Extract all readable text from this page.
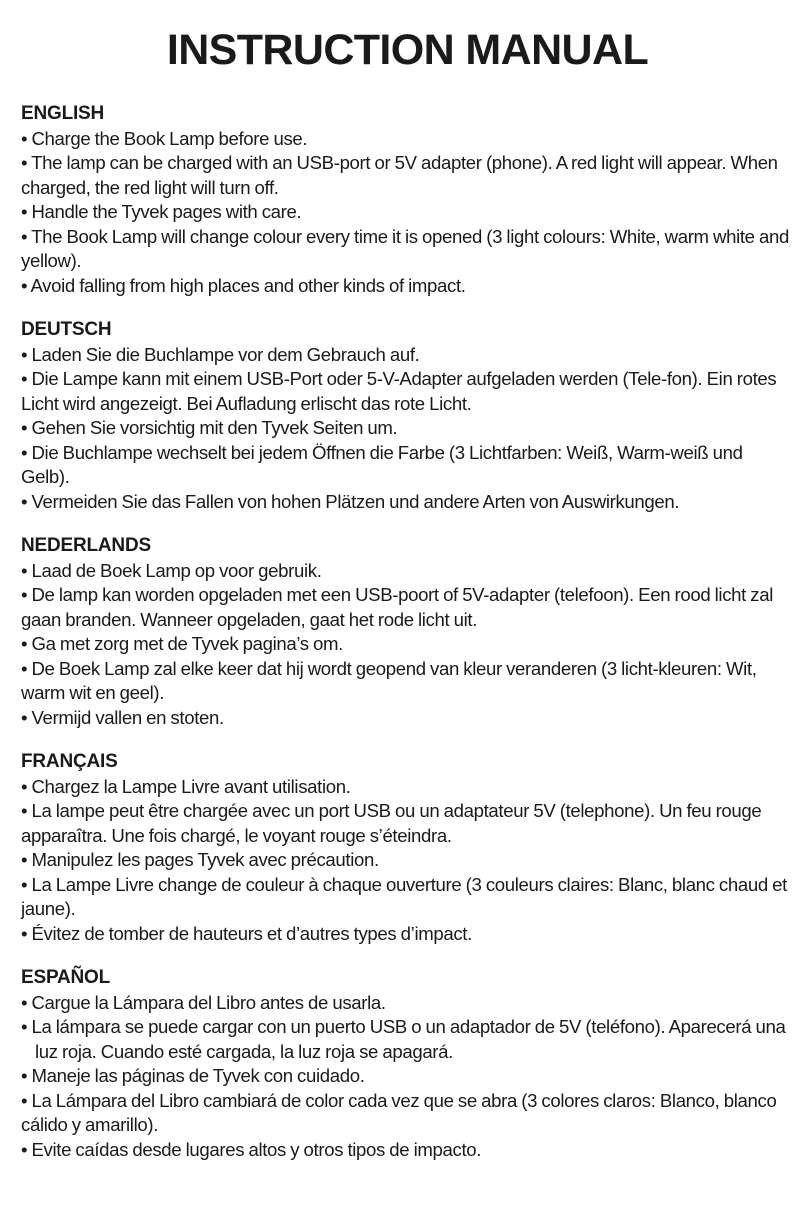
INSTRUCTION MANUAL

ENGLISH

• Charge the Book Lamp before use.

• The lamp can be charged with an USB-port or 5V adapter (phone). A red light will appear. When charged, the red light will turn off.

• Handle the Tyvek pages with care.

• The Book Lamp will change colour every time it is opened (3 light colours: White, warm white and yellow).

• Avoid falling from high places and other kinds of impact.

DEUTSCH

• Laden Sie die Buchlampe vor dem Gebrauch auf.

• Die Lampe kann mit einem USB-Port oder 5-V-Adapter aufgeladen werden (Tele-fon). Ein rotes Licht wird angezeigt. Bei Aufladung erlischt das rote Licht.

• Gehen Sie vorsichtig mit den Tyvek Seiten um.

• Die Buchlampe wechselt bei jedem Öffnen die Farbe (3 Lichtfarben: Weiß, Warm-weiß und Gelb).

• Vermeiden Sie das Fallen von hohen Plätzen und andere Arten von Auswirkungen.

NEDERLANDS

• Laad de Boek Lamp op voor gebruik.

• De lamp kan worden opgeladen met een USB-poort of 5V-adapter (telefoon). Een rood licht zal gaan branden. Wanneer opgeladen, gaat het rode licht uit.

• Ga met zorg met de Tyvek pagina’s om.

• De Boek Lamp zal elke keer dat hij wordt geopend van kleur veranderen (3 licht-kleuren: Wit, warm wit en geel).

• Vermijd vallen en stoten.

FRANÇAIS

• Chargez la Lampe Livre avant utilisation.

• La lampe peut être chargée avec un port USB ou un adaptateur 5V (telephone). Un feu rouge apparaîtra. Une fois chargé, le voyant rouge s’éteindra.

• Manipulez les pages Tyvek avec précaution.

• La Lampe Livre change de couleur à chaque ouverture (3 couleurs claires: Blanc, blanc chaud et jaune).

• Évitez de tomber de hauteurs et d’autres types d’impact.

ESPAÑOL

• Cargue la Lámpara del Libro antes de usarla.

• La lámpara se puede cargar con un puerto USB o un adaptador de 5V (teléfono). Aparecerá una luz roja. Cuando esté cargada, la luz roja se apagará.

• Maneje las páginas de Tyvek con cuidado.

• La Lámpara del Libro cambiará de color cada vez que se abra (3 colores claros: Blanco, blanco cálido y amarillo).

• Evite caídas desde lugares altos y otros tipos de impacto.
